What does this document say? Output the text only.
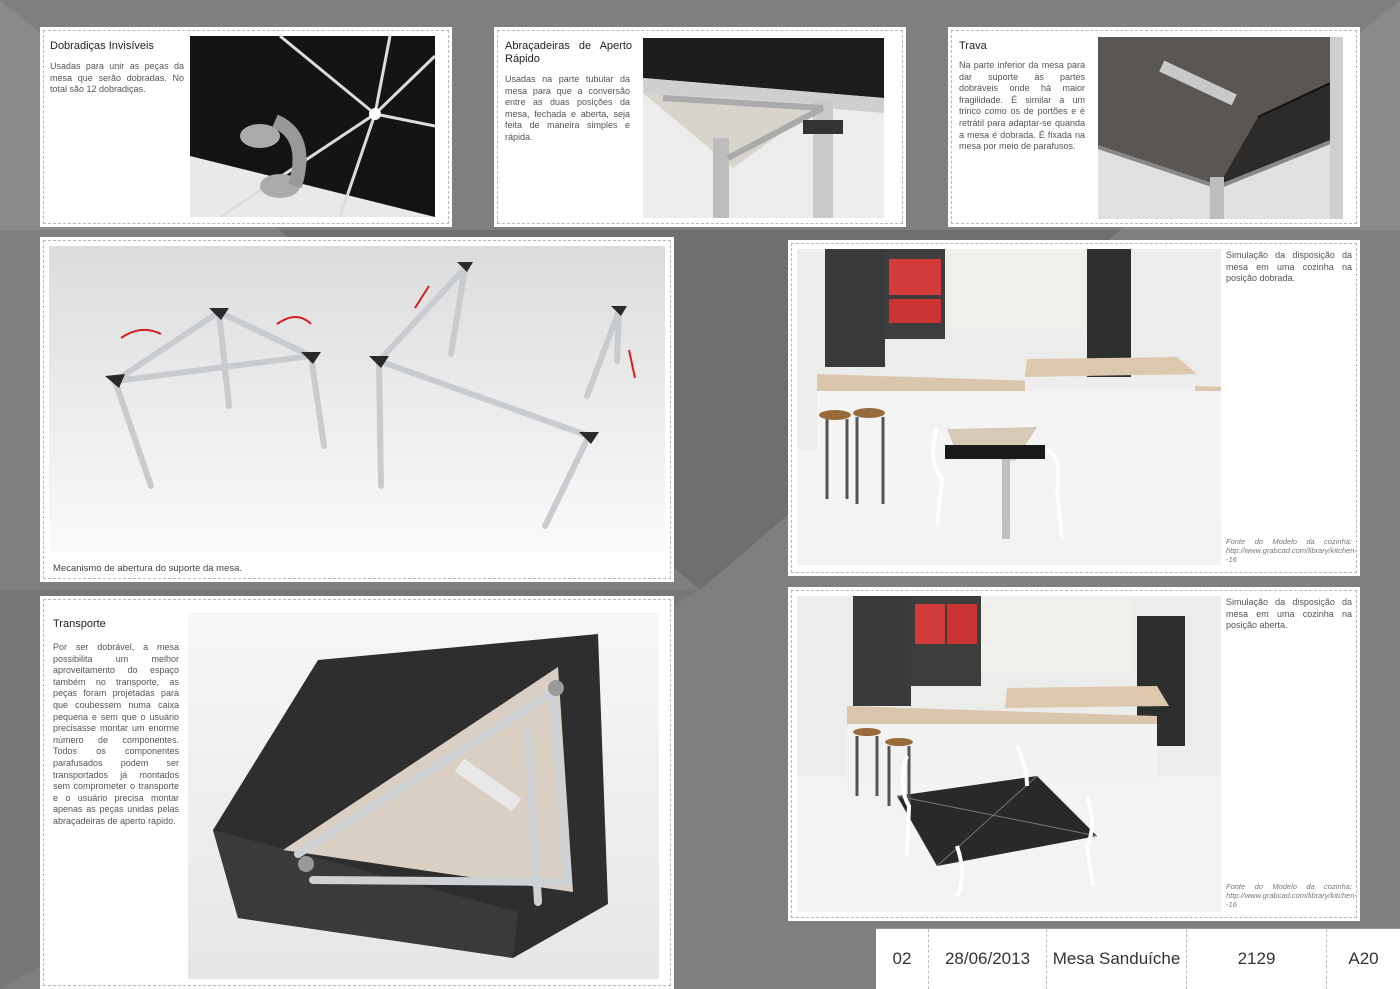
Dobradiças Invisíveis
Usadas para unir as peças da mesa que serão dobradas. No total são 12 dobradiças.
Abraçadeiras de Aperto Rápido
Usadas na parte tubular da mesa para que a conversão entre as duas posições da mesa, fechada e aberta, seja feita de maneira simples e rápida.
Trava
Na parte inferior da mesa para dar suporte às partes dobráveis onde há maior fragilidade. É similar a um trinco como os de portões e é retrátil para adaptar-se quanda a mesa é dobrada. É fixada na mesa por meio de parafusos.
Mecanismo de abertura do suporte da mesa.
Simulação da disposição da mesa em uma cozinha na posição dobrada.
Fonte do Modelo da cozinha: http://www.grabcad.com/library/kitchen--16
Simulação da disposição da mesa em uma cozinha na posição aberta.
Fonte do Modelo da cozinha: http://www.grabcad.com/library/kitchen--16
Transporte
Por ser dobrável, a mesa possibilita um melhor aproveitamento do espaço também no transporte, as peças foram projetadas para que coubessem numa caixa pequena e sem que o usuário precisasse montar um enorme número de componentes. Todos os componentes parafusados podem ser transportados já montados sem comprometer o transporte e o usuário precisa montar apenas as peças unidas pelas abraçadeiras de aperto rápido.
02	28/06/2013	Mesa Sanduíche	2129	A20
